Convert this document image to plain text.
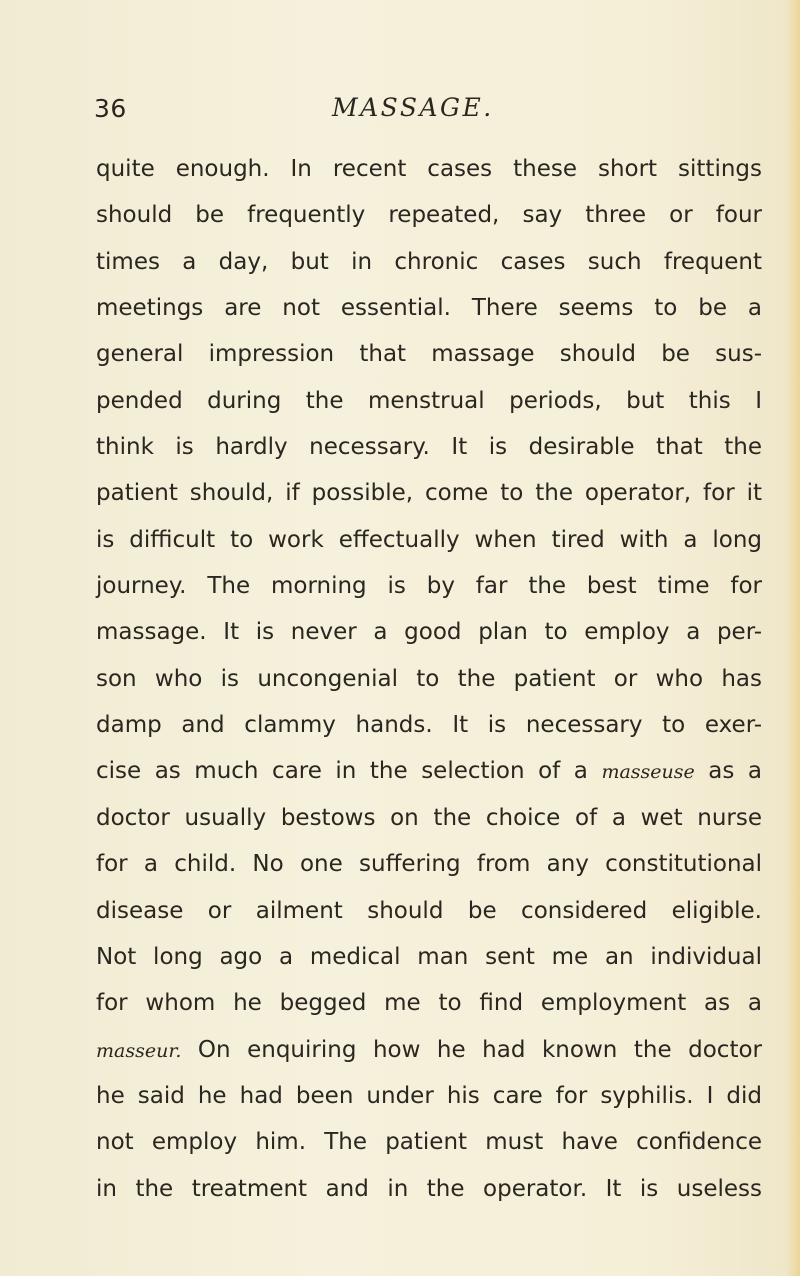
36	MASSAGE.
quite enough. In recent cases these short sittings
should be frequently repeated, say three or four
times a day, but in chronic cases such frequent
meetings are not essential. There seems to be a
general impression that massage should be sus-
pended during the menstrual periods, but this I
think is hardly necessary. It is desirable that the
patient should, if possible, come to the operator, for it
is difficult to work effectually when tired with a long
journey. The morning is by far the best time for
massage. It is never a good plan to employ a per-
son who is uncongenial to the patient or who has
damp and clammy hands. It is necessary to exer-
cise as much care in the selection of a masseuse as a
doctor usually bestows on the choice of a wet nurse
for a child. No one suffering from any constitutional
disease or ailment should be considered eligible.
Not long ago a medical man sent me an individual
for whom he begged me to find employment as a
masseur. On enquiring how he had known the doctor
he said he had been under his care for syphilis. I did
not employ him. The patient must have confidence
in the treatment and in the operator. It is useless
